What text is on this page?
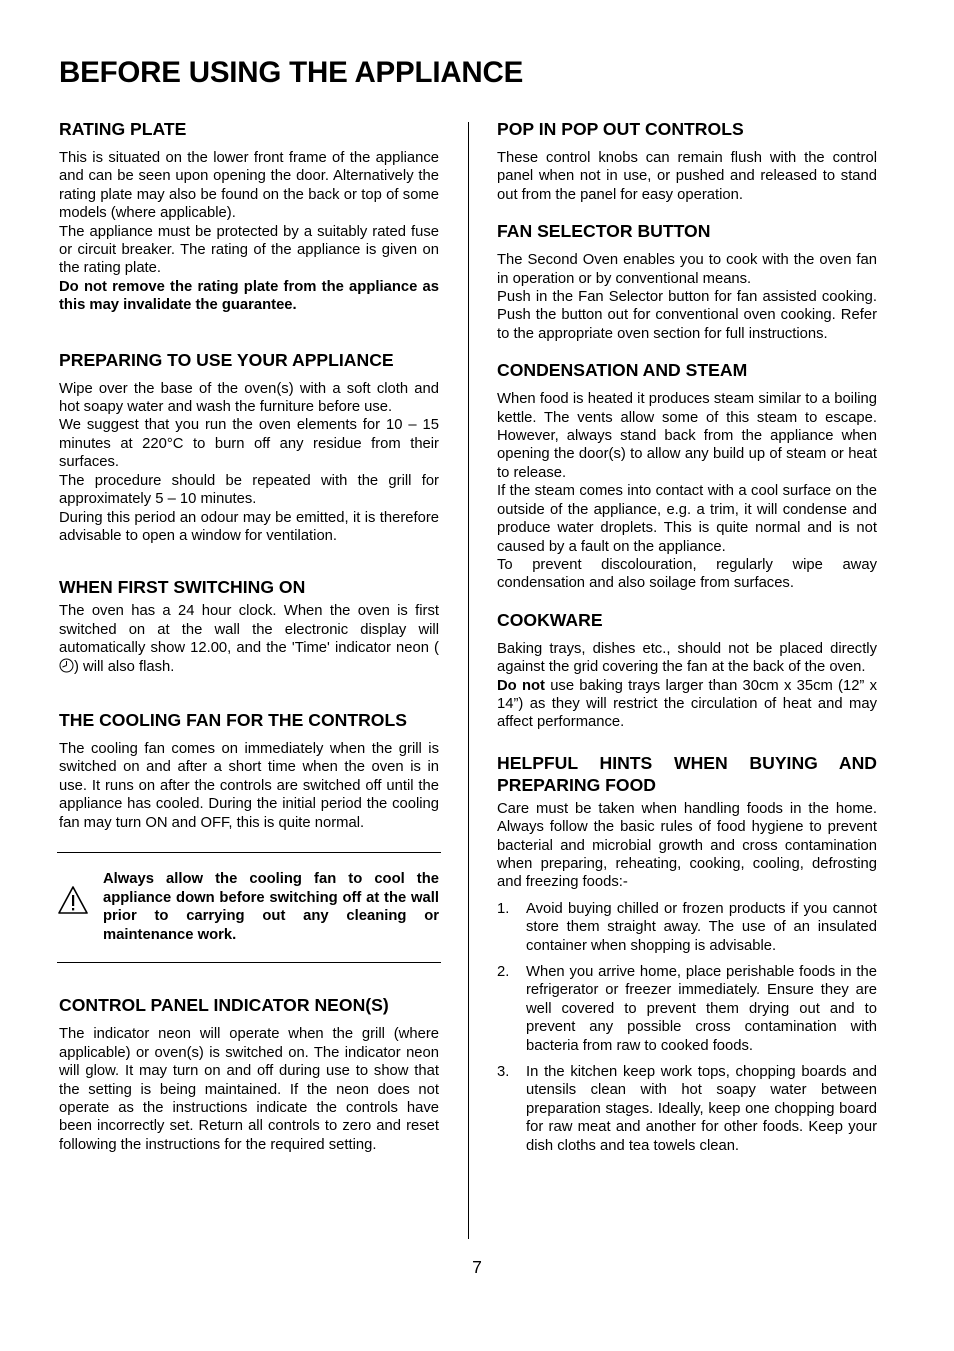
BEFORE USING THE APPLIANCE
RATING PLATE

This is situated on the lower front frame of the appliance and can be seen upon opening the door. Alternatively the rating plate may also be found on the back or top of some models (where applicable).

The appliance must be protected by a suitably rated fuse or circuit breaker. The rating of the appliance is given on the rating plate.

Do not remove the rating plate from the appliance as this may invalidate the guarantee.

PREPARING TO USE YOUR APPLIANCE

Wipe over the base of the oven(s) with a soft cloth and hot soapy water and wash the furniture before use.

We suggest that you run the oven elements for 10 – 15 minutes at 220°C to burn off any residue from their surfaces.

The procedure should be repeated with the grill for approximately 5 – 10 minutes.

During this period an odour may be emitted, it is therefore advisable to open a window for ventilation.

WHEN FIRST SWITCHING ON

The oven has a 24 hour clock. When the oven is first switched on at the wall the electronic display will automatically show 12.00, and the 'Time' indicator neon () will also flash.

THE COOLING FAN FOR THE CONTROLS

The cooling fan comes on immediately when the grill is switched on and after a short time when the oven is in use. It runs on after the controls are switched off until the appliance has cooled. During the initial period the cooling fan may turn ON and OFF, this is quite normal.

Always allow the cooling fan to cool the appliance down before switching off at the wall prior to carrying out any cleaning or maintenance work.
CONTROL PANEL INDICATOR NEON(S)

The indicator neon will operate when the grill (where applicable) or oven(s) is switched on. The indicator neon will glow. It may turn on and off during use to show that the setting is being maintained. If the neon does not operate as the instructions indicate the controls have been incorrectly set. Return all controls to zero and reset following the instructions for the required setting.

POP IN POP OUT CONTROLS

These control knobs can remain flush with the control panel when not in use, or pushed and released to stand out from the panel for easy operation.

FAN SELECTOR BUTTON

The Second Oven enables you to cook with the oven fan in operation or by conventional means.

Push in the Fan Selector button for fan assisted cooking. Push the button out for conventional oven cooking. Refer to the appropriate oven section for full instructions.

CONDENSATION AND STEAM

When food is heated it produces steam similar to a boiling kettle. The vents allow some of this steam to escape. However, always stand back from the appliance when opening the door(s) to allow any build up of steam or heat to release.

If the steam comes into contact with a cool surface on the outside of the appliance, e.g. a trim, it will condense and produce water droplets. This is quite normal and is not caused by a fault on the appliance.

To prevent discolouration, regularly wipe away condensation and also soilage from surfaces.

COOKWARE

Baking trays, dishes etc., should not be placed directly against the grid covering the fan at the back of the oven.

Do not use baking trays larger than 30cm x 35cm (12” x 14”) as they will restrict the circulation of heat and may affect performance.

HELPFUL HINTS WHEN BUYING AND PREPARING FOOD

Care must be taken when handling foods in the home. Always follow the basic rules of food hygiene to prevent bacterial and microbial growth and cross contamination when preparing, reheating, cooking, cooling, defrosting and freezing foods:-

1.	Avoid buying chilled or frozen products if you cannot store them straight away. The use of an insulated container when shopping is advisable.
2.	When you arrive home, place perishable foods in the refrigerator or freezer immediately. Ensure they are well covered to prevent them drying out and to prevent any possible cross contamination with bacteria from raw to cooked foods.
3.	In the kitchen keep work tops, chopping boards and utensils clean with hot soapy water between preparation stages. Ideally, keep one chopping board for raw meat and another for other foods. Keep your dish cloths and tea towels clean.
7
